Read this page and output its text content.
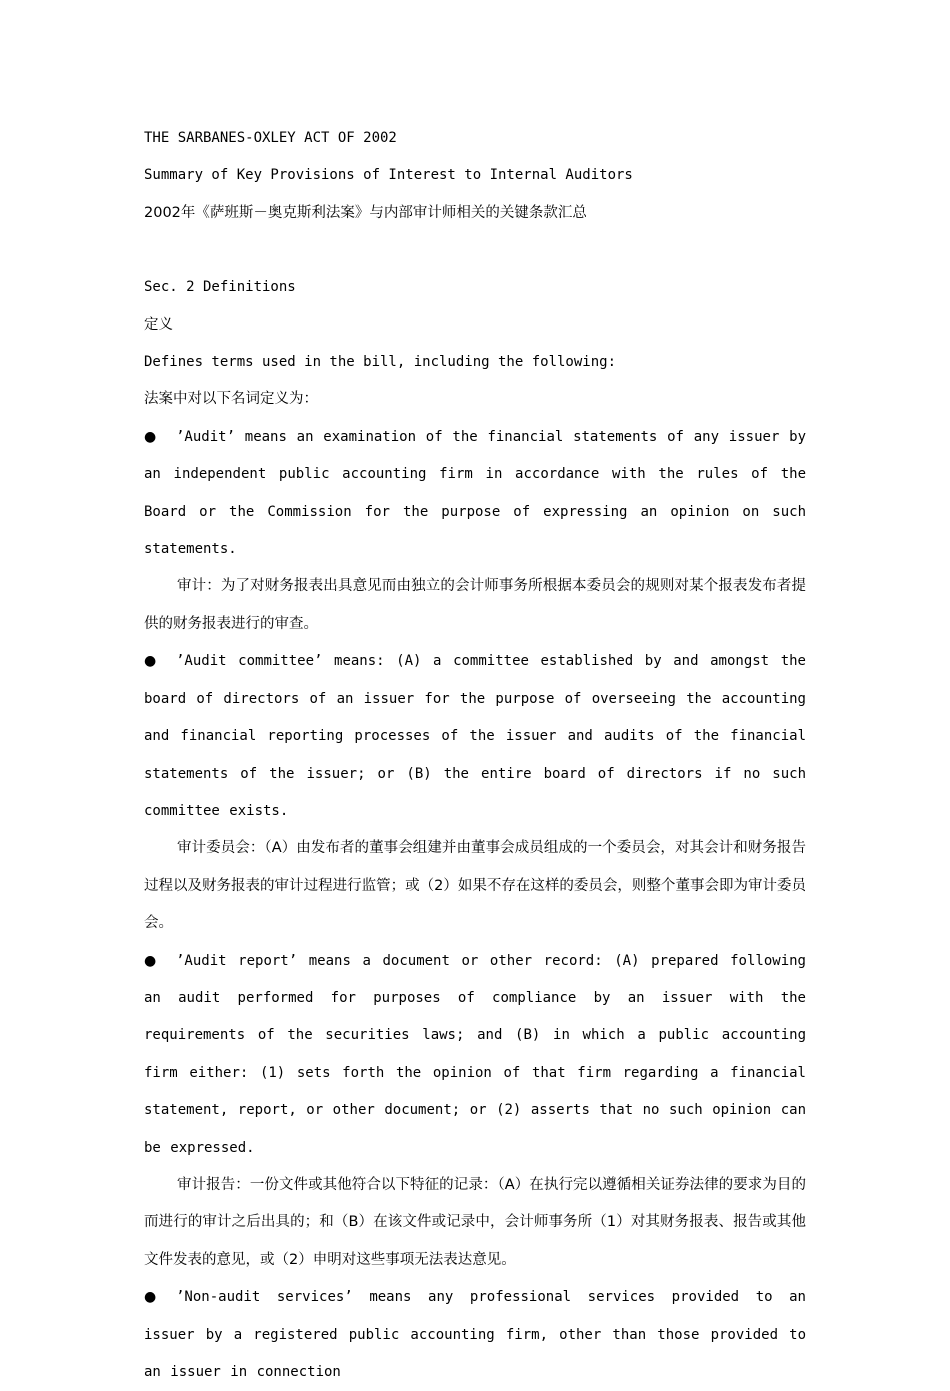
THE SARBANES-OXLEY ACT OF 2002

Summary of Key Provisions of Interest to Internal Auditors

2002年《萨班斯－奥克斯利法案》与内部审计师相关的关键条款汇总

Sec. 2 Definitions

定义

Defines terms used in the bill, including the following:

法案中对以下名词定义为：

● ’Audit’ means an examination of the financial statements of any issuer by an independent public accounting firm in accordance with the rules of the Board or the Commission for the purpose of expressing an opinion on such statements.

审计：为了对财务报表出具意见而由独立的会计师事务所根据本委员会的规则对某个报表发布者提供的财务报表进行的审查。

● ’Audit committee’ means: (A) a committee established by and amongst the board of directors of an issuer for the purpose of overseeing the accounting and financial reporting processes of the issuer and audits of the financial statements of the issuer; or (B) the entire board of directors if no such committee exists.

审计委员会：（A）由发布者的董事会组建并由董事会成员组成的一个委员会，对其会计和财务报告过程以及财务报表的审计过程进行监管；或（2）如果不存在这样的委员会，则整个董事会即为审计委员会。

● ’Audit report’ means a document or other record: (A) prepared following an audit performed for purposes of compliance by an issuer with the requirements of the securities laws; and (B) in which a public accounting firm either: (1) sets forth the opinion of that firm regarding a financial statement, report, or other document; or (2) asserts that no such opinion can be expressed.

审计报告：一份文件或其他符合以下特征的记录：（A）在执行完以遵循相关证券法律的要求为目的而进行的审计之后出具的；和（B）在该文件或记录中，会计师事务所（1）对其财务报表、报告或其他文件发表的意见，或（2）申明对这些事项无法表达意见。

● ’Non-audit services’ means any professional services provided to an issuer by a registered public accounting firm, other than those provided to an issuer in connection
